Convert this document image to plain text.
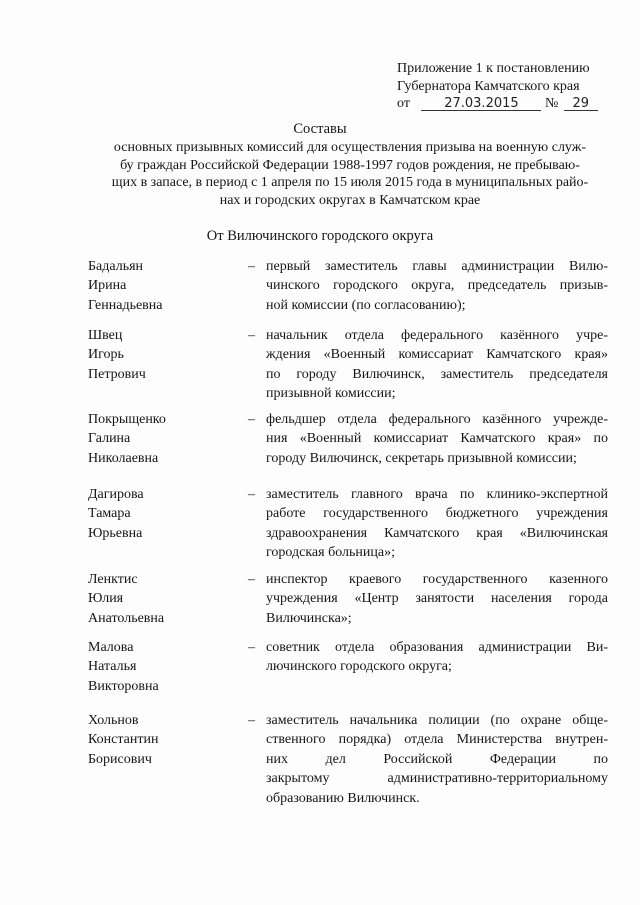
Приложение 1 к постановлению
Губернатора Камчатского края
от	27.03.2015 № 29
Составы
основных призывных комиссий для осуществления призыва на военную служ-
бу граждан Российской Федерации 1988-1997 годов рождения, не пребываю-
щих в запасе, в период с 1 апреля по 15 июля 2015 года в муниципальных райо-
нах и городских округах в Камчатском крае
От Вилючинского городского округа
Бадальян
Ирина
Геннадьевна
– первый заместитель главы администрации Вилю-
чинского городского округа, председатель призыв-
ной комиссии (по согласованию);
Швец
Игорь
Петрович
– начальник отдела федерального казённого учре-
ждения «Военный комиссариат Камчатского края»
по городу Вилючинск, заместитель председателя
призывной комиссии;
Покрыщенко
Галина
Николаевна
– фельдшер отдела федерального казённого учрежде-
ния «Военный комиссариат Камчатского края» по
городу Вилючинск, секретарь призывной комиссии;
Дагирова
Тамара
Юрьевна
– заместитель главного врача по клинико-экспертной
работе государственного бюджетного учреждения
здравоохранения Камчатского края «Вилючинская
городская больница»;
Ленктис
Юлия
Анатольевна
– инспектор краевого государственного казенного
учреждения «Центр занятости населения города
Вилючинска»;
Малова
Наталья
Викторовна
– советник отдела образования администрации Ви-
лючинского городского округа;
Хольнов
Константин
Борисович
– заместитель начальника полиции (по охране обще-
ственного порядка) отдела Министерства внутрен-
них дел Российской Федерации по
закрытому административно-территориальному
образованию Вилючинск.
